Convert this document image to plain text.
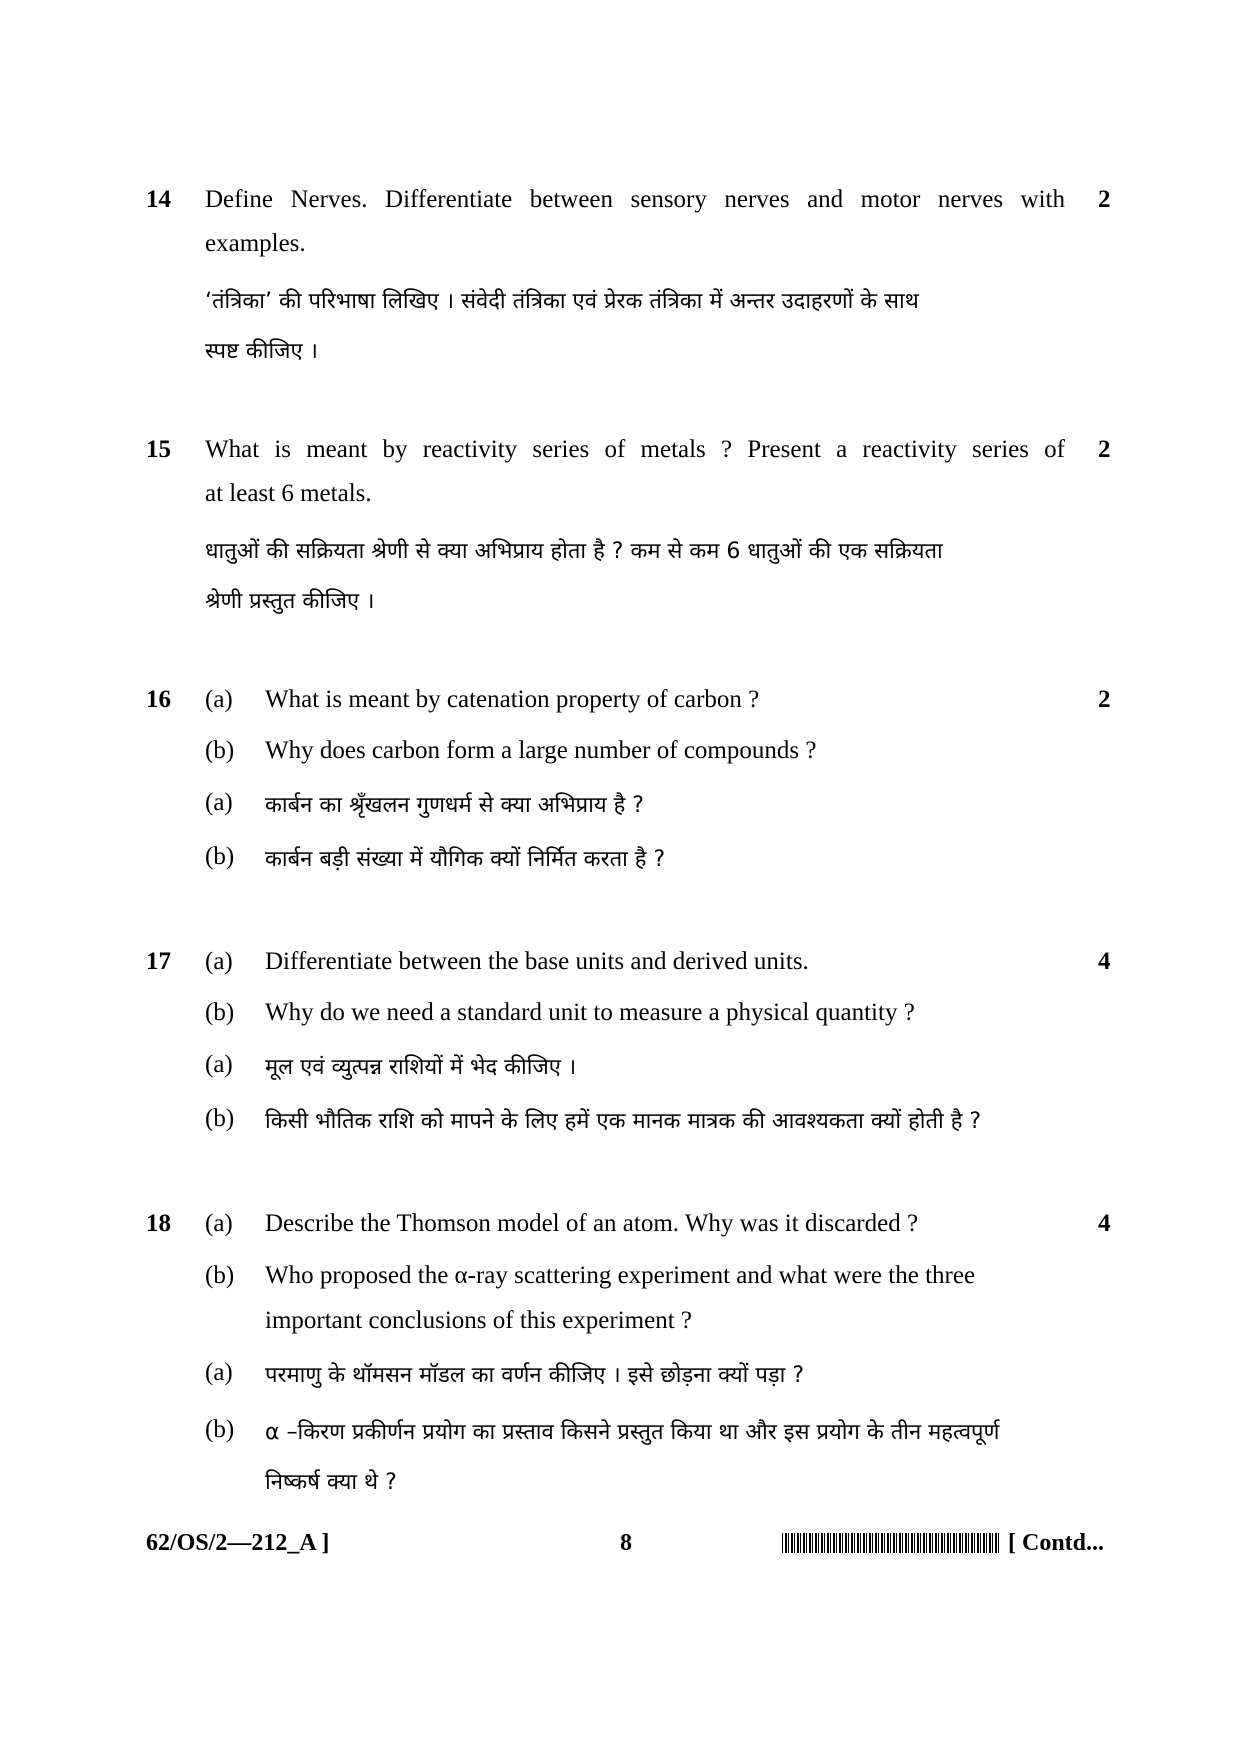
14	2
Define Nerves. Differentiate between sensory nerves and motor nerves with
examples.
‘तंत्रिका’ की परिभाषा लिखिए । संवेदी तंत्रिका एवं प्रेरक तंत्रिका में अन्तर उदाहरणों के साथ
स्पष्ट कीजिए ।
15	2
What is meant by reactivity series of metals ? Present a reactivity series of
at least 6 metals.
धातुओं की सक्रियता श्रेणी से क्या अभिप्राय होता है ? कम से कम 6 धातुओं की एक सक्रियता
श्रेणी प्रस्तुत कीजिए ।
16	2
(a) What is meant by catenation property of carbon ?
(b) Why does carbon form a large number of compounds ?
(a) कार्बन का श्रृँखलन गुणधर्म से क्या अभिप्राय है ?
(b) कार्बन बड़ी संख्या में यौगिक क्यों निर्मित करता है ?
17	4
(a) Differentiate between the base units and derived units.
(b) Why do we need a standard unit to measure a physical quantity ?
(a) मूल एवं व्युत्पन्न राशियों में भेद कीजिए ।
(b) किसी भौतिक राशि को मापने के लिए हमें एक मानक मात्रक की आवश्यकता क्यों होती है ?
18	4
(a) Describe the Thomson model of an atom. Why was it discarded ?
(b) Who proposed the α-ray scattering experiment and what were the three
important conclusions of this experiment ?
(a) परमाणु के थॉमसन मॉडल का वर्णन कीजिए । इसे छोड़ना क्यों पड़ा ?
(b) α –किरण प्रकीर्णन प्रयोग का प्रस्ताव किसने प्रस्तुत किया था और इस प्रयोग के तीन महत्वपूर्ण
निष्कर्ष क्या थे ?
62/OS/2—212_A ]	8	[ Contd...
